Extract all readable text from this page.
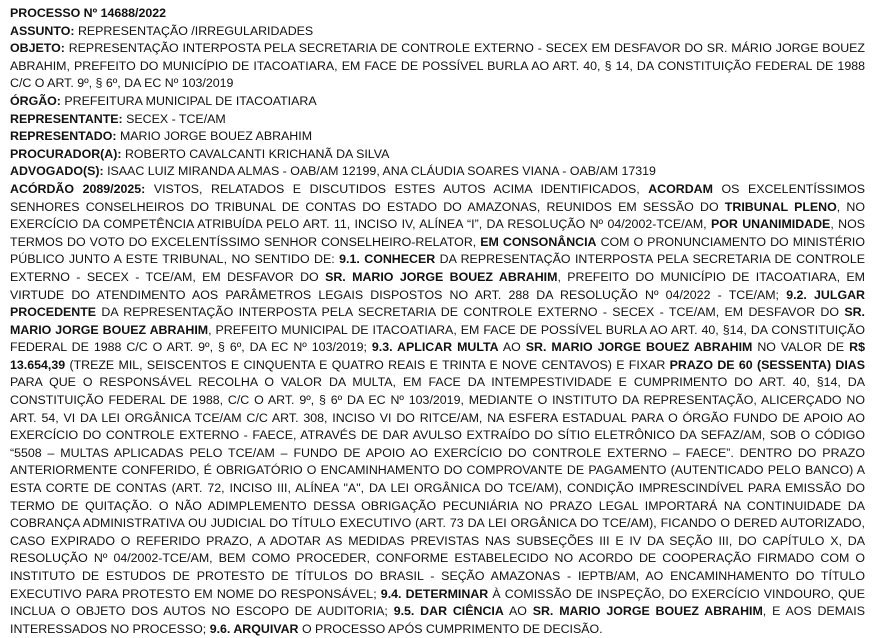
PROCESSO Nº 14688/2022

ASSUNTO: REPRESENTAÇÃO /IRREGULARIDADES

OBJETO: REPRESENTAÇÃO INTERPOSTA PELA SECRETARIA DE CONTROLE EXTERNO - SECEX EM DESFAVOR DO SR. MÁRIO JORGE BOUEZ ABRAHIM, PREFEITO DO MUNICÍPIO DE ITACOATIARA, EM FACE DE POSSÍVEL BURLA AO ART. 40, § 14, DA CONSTITUIÇÃO FEDERAL DE 1988 C/C O ART. 9º, § 6º, DA EC Nº 103/2019

ÓRGÃO: PREFEITURA MUNICIPAL DE ITACOATIARA

REPRESENTANTE: SECEX - TCE/AM

REPRESENTADO: MARIO JORGE BOUEZ ABRAHIM

PROCURADOR(A): ROBERTO CAVALCANTI KRICHANÃ DA SILVA

ADVOGADO(S): ISAAC LUIZ MIRANDA ALMAS - OAB/AM 12199, ANA CLÁUDIA SOARES VIANA - OAB/AM 17319

ACÓRDÃO 2089/2025: VISTOS, RELATADOS E DISCUTIDOS ESTES AUTOS ACIMA IDENTIFICADOS, ACORDAM OS EXCELENTÍSSIMOS SENHORES CONSELHEIROS DO TRIBUNAL DE CONTAS DO ESTADO DO AMAZONAS, REUNIDOS EM SESSÃO DO TRIBUNAL PLENO, NO EXERCÍCIO DA COMPETÊNCIA ATRIBUÍDA PELO ART. 11, INCISO IV, ALÍNEA “I”, DA RESOLUÇÃO Nº 04/2002-TCE/AM, POR UNANIMIDADE, NOS TERMOS DO VOTO DO EXCELENTÍSSIMO SENHOR CONSELHEIRO-RELATOR, EM CONSONÂNCIA COM O PRONUNCIAMENTO DO MINISTÉRIO PÚBLICO JUNTO A ESTE TRIBUNAL, NO SENTIDO DE: 9.1. CONHECER DA REPRESENTAÇÃO INTERPOSTA PELA SECRETARIA DE CONTROLE EXTERNO - SECEX - TCE/AM, EM DESFAVOR DO SR. MARIO JORGE BOUEZ ABRAHIM, PREFEITO DO MUNICÍPIO DE ITACOATIARA, EM VIRTUDE DO ATENDIMENTO AOS PARÂMETROS LEGAIS DISPOSTOS NO ART. 288 DA RESOLUÇÃO Nº 04/2022 - TCE/AM; 9.2. JULGAR PROCEDENTE DA REPRESENTAÇÃO INTERPOSTA PELA SECRETARIA DE CONTROLE EXTERNO - SECEX - TCE/AM, EM DESFAVOR DO SR. MARIO JORGE BOUEZ ABRAHIM, PREFEITO MUNICIPAL DE ITACOATIARA, EM FACE DE POSSÍVEL BURLA AO ART. 40, §14, DA CONSTITUIÇÃO FEDERAL DE 1988 C/C O ART. 9º, § 6º, DA EC Nº 103/2019; 9.3. APLICAR MULTA AO SR. MARIO JORGE BOUEZ ABRAHIM NO VALOR DE R$ 13.654,39 (TREZE MIL, SEISCENTOS E CINQUENTA E QUATRO REAIS E TRINTA E NOVE CENTAVOS) E FIXAR PRAZO DE 60 (SESSENTA) DIAS PARA QUE O RESPONSÁVEL RECOLHA O VALOR DA MULTA, EM FACE DA INTEMPESTIVIDADE E CUMPRIMENTO DO ART. 40, §14, DA CONSTITUIÇÃO FEDERAL DE 1988, C/C O ART. 9º, § 6º DA EC Nº 103/2019, MEDIANTE O INSTITUTO DA REPRESENTAÇÃO, ALICERÇADO NO ART. 54, VI DA LEI ORGÂNICA TCE/AM C/C ART. 308, INCISO VI DO RITCE/AM, NA ESFERA ESTADUAL PARA O ÓRGÃO FUNDO DE APOIO AO EXERCÍCIO DO CONTROLE EXTERNO - FAECE, ATRAVÉS DE DAR AVULSO EXTRAÍDO DO SÍTIO ELETRÔNICO DA SEFAZ/AM, SOB O CÓDIGO “5508 – MULTAS APLICADAS PELO TCE/AM – FUNDO DE APOIO AO EXERCÍCIO DO CONTROLE EXTERNO – FAECE”. DENTRO DO PRAZO ANTERIORMENTE CONFERIDO, É OBRIGATÓRIO O ENCAMINHAMENTO DO COMPROVANTE DE PAGAMENTO (AUTENTICADO PELO BANCO) A ESTA CORTE DE CONTAS (ART. 72, INCISO III, ALÍNEA "A", DA LEI ORGÂNICA DO TCE/AM), CONDIÇÃO IMPRESCINDÍVEL PARA EMISSÃO DO TERMO DE QUITAÇÃO. O NÃO ADIMPLEMENTO DESSA OBRIGAÇÃO PECUNIÁRIA NO PRAZO LEGAL IMPORTARÁ NA CONTINUIDADE DA COBRANÇA ADMINISTRATIVA OU JUDICIAL DO TÍTULO EXECUTIVO (ART. 73 DA LEI ORGÂNICA DO TCE/AM), FICANDO O DERED AUTORIZADO, CASO EXPIRADO O REFERIDO PRAZO, A ADOTAR AS MEDIDAS PREVISTAS NAS SUBSEÇÕES III E IV DA SEÇÃO III, DO CAPÍTULO X, DA RESOLUÇÃO Nº 04/2002-TCE/AM, BEM COMO PROCEDER, CONFORME ESTABELECIDO NO ACORDO DE COOPERAÇÃO FIRMADO COM O INSTITUTO DE ESTUDOS DE PROTESTO DE TÍTULOS DO BRASIL - SEÇÃO AMAZONAS - IEPTB/AM, AO ENCAMINHAMENTO DO TÍTULO EXECUTIVO PARA PROTESTO EM NOME DO RESPONSÁVEL; 9.4. DETERMINAR À COMISSÃO DE INSPEÇÃO, DO EXERCÍCIO VINDOURO, QUE INCLUA O OBJETO DOS AUTOS NO ESCOPO DE AUDITORIA; 9.5. DAR CIÊNCIA AO SR. MARIO JORGE BOUEZ ABRAHIM, E AOS DEMAIS INTERESSADOS NO PROCESSO; 9.6. ARQUIVAR O PROCESSO APÓS CUMPRIMENTO DE DECISÃO.
